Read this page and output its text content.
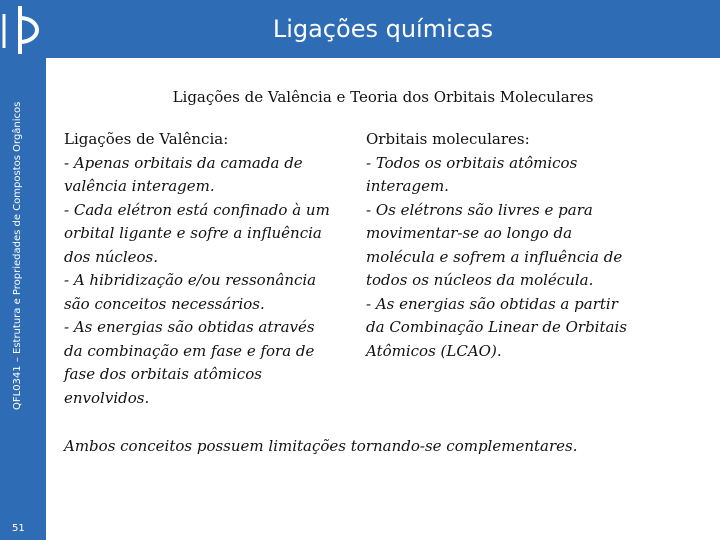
Ligações químicas
QFL0341 – Estrutura e Propriedades de Compostos Orgânicos
51
Ligações de Valência e Teoria dos Orbitais Moleculares

Ligações de Valência:

- Apenas orbitais da camada de

valência interagem.

- Cada elétron está confinado à um

orbital ligante e sofre a influência

dos núcleos.

- A hibridização e/ou ressonância

são conceitos necessários.

- As energias são obtidas através

da combinação em fase e fora de

fase dos orbitais atômicos

envolvidos.

Orbitais moleculares:

- Todos os orbitais atômicos

interagem.

- Os elétrons são livres e para

movimentar-se ao longo da

molécula e sofrem a influência de

todos os núcleos da molécula.

- As energias são obtidas a partir

da Combinação Linear de Orbitais

Atômicos (LCAO).

Ambos conceitos possuem limitações tornando-se complementares.
